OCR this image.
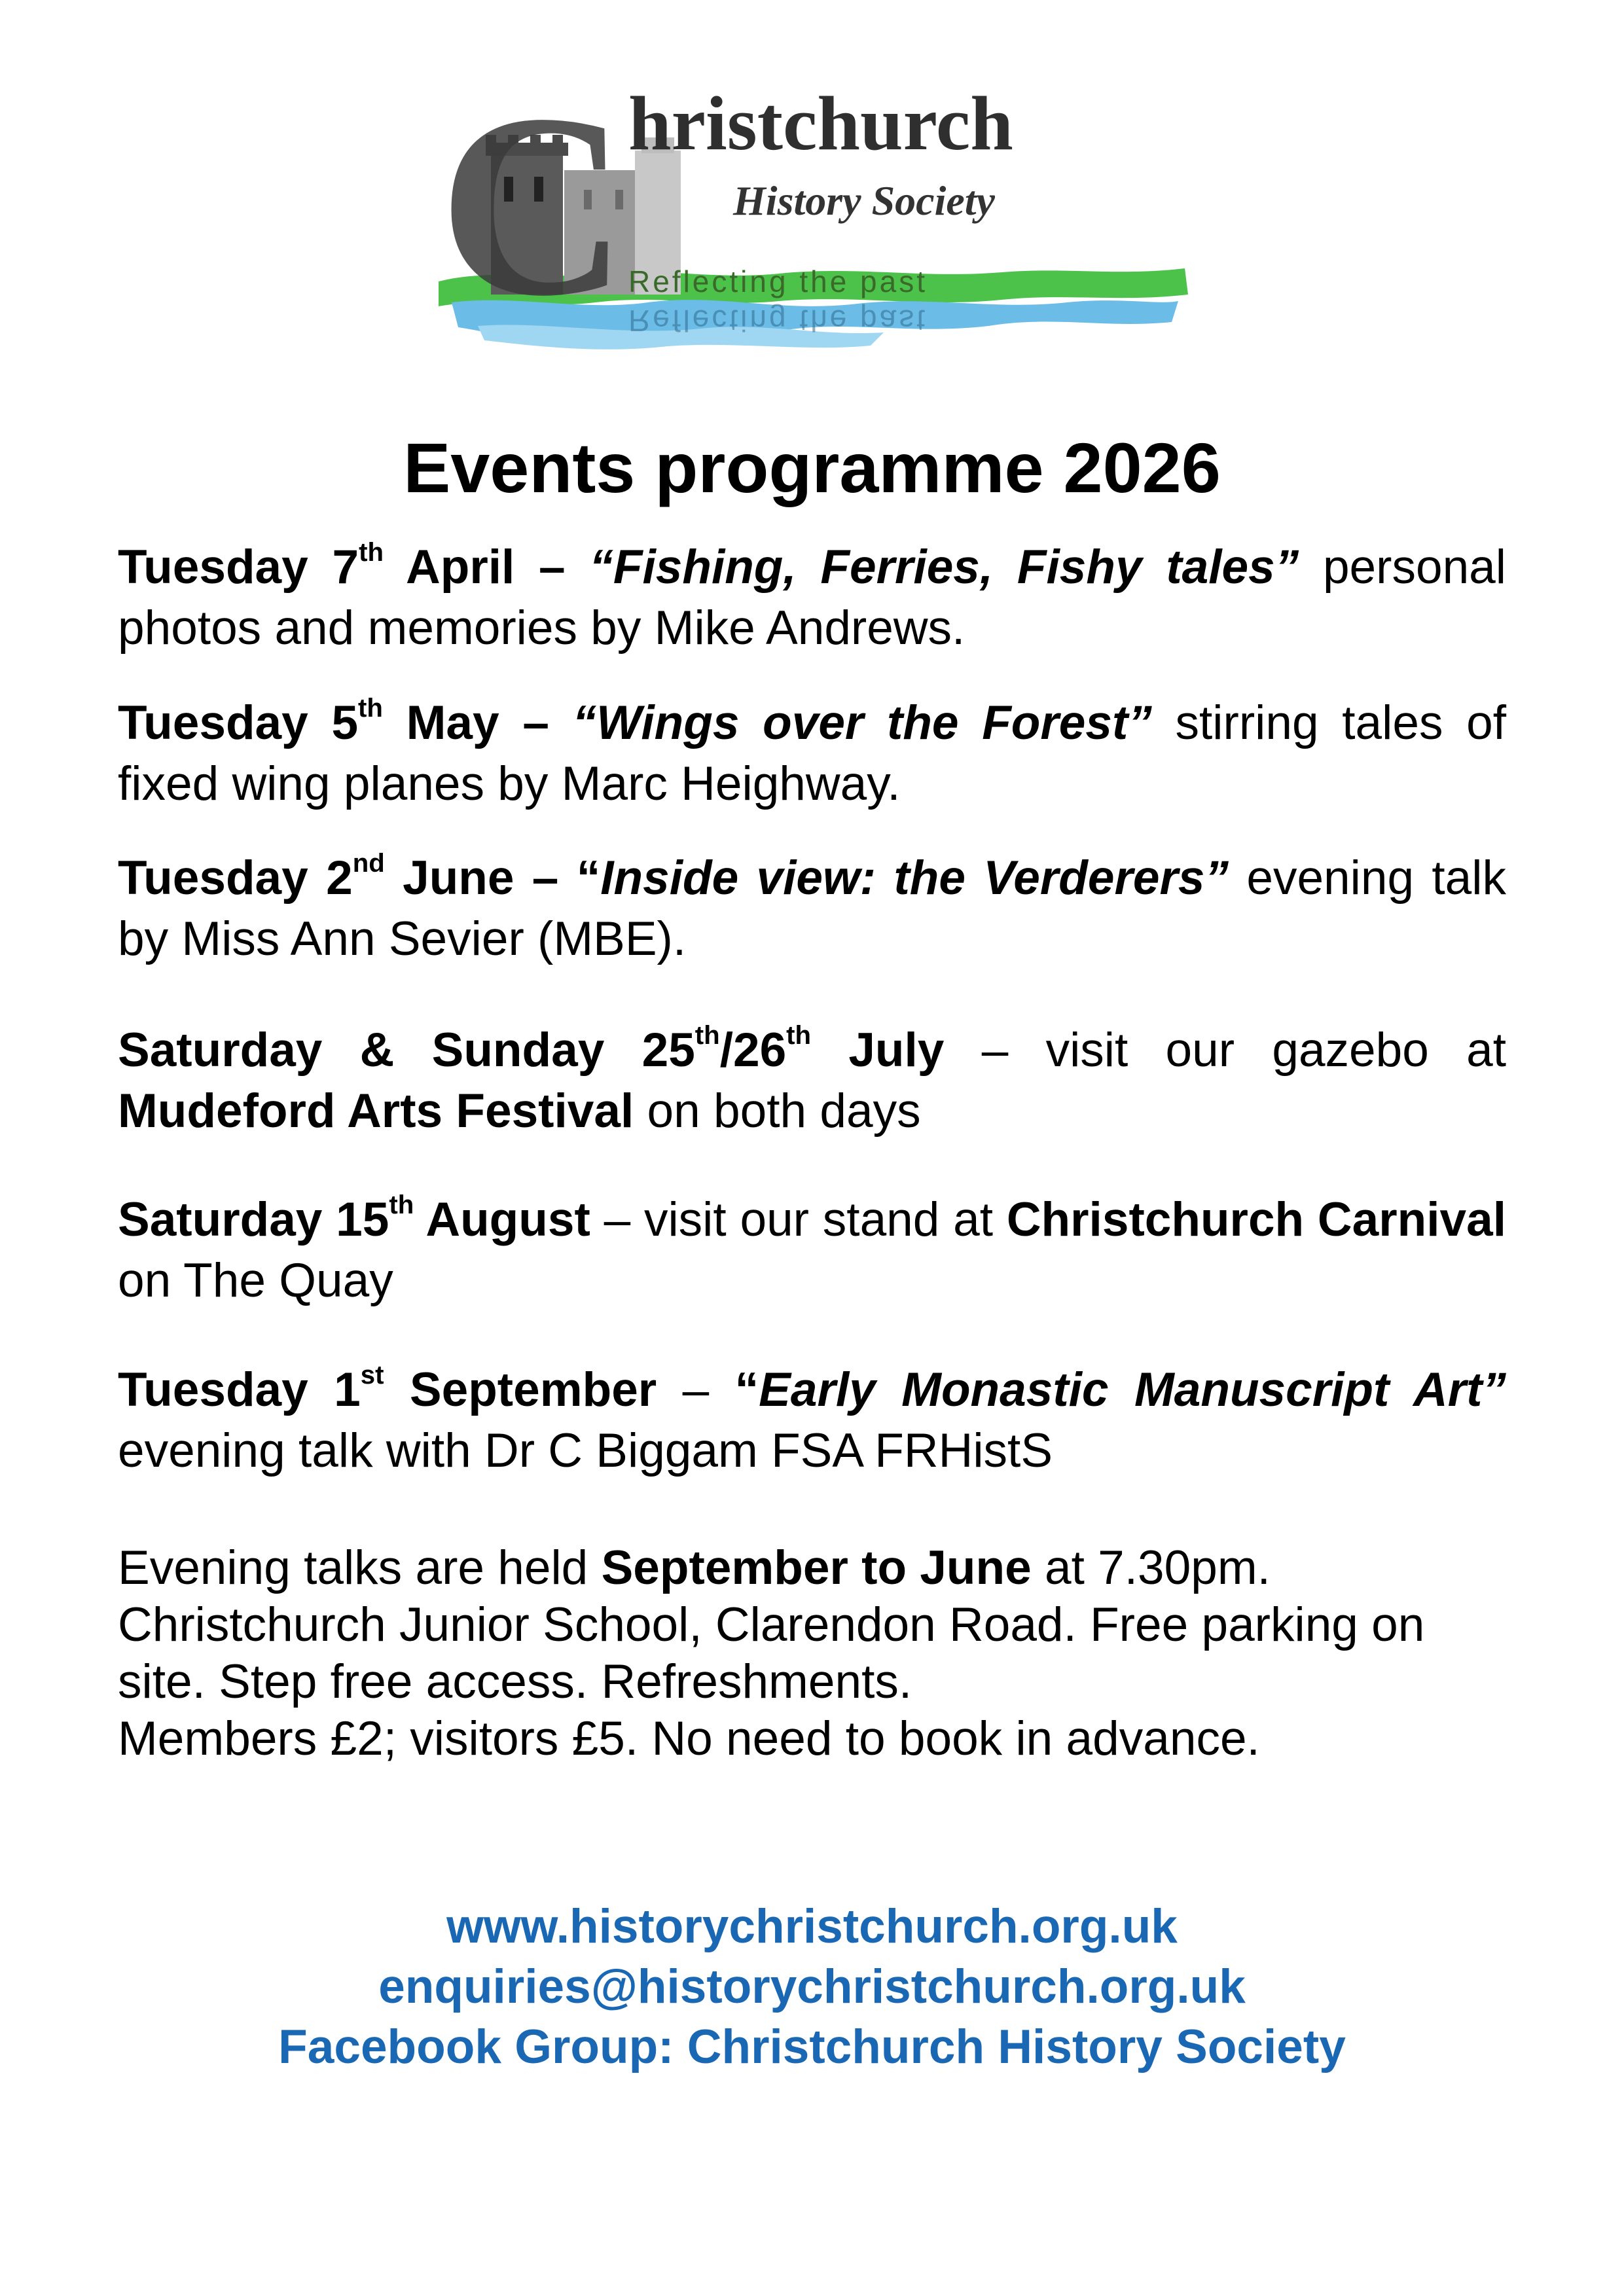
C hristchurch
History Society
Reflecting the past
Reflecting the past
Events programme 2026
Tuesday 7th April – “Fishing, Ferries, Fishy tales” personal photos and memories by Mike Andrews.
Tuesday 5th May – “Wings over the Forest” stirring tales of fixed wing planes by Marc Heighway.
Tuesday 2nd June – “Inside view: the Verderers” evening talk by Miss Ann Sevier (MBE).
Saturday & Sunday 25th/26th July – visit our gazebo at Mudeford Arts Festival on both days
Saturday 15th August – visit our stand at Christchurch Carnival on The Quay
Tuesday 1st September – “Early Monastic Manuscript Art” evening talk with Dr C Biggam FSA FRHistS
Evening talks are held September to June at 7.30pm.
Christchurch Junior School, Clarendon Road. Free parking on
site. Step free access. Refreshments.
Members £2; visitors £5. No need to book in advance.
www.historychristchurch.org.uk
enquiries@historychristchurch.org.uk
Facebook Group: Christchurch History Society
